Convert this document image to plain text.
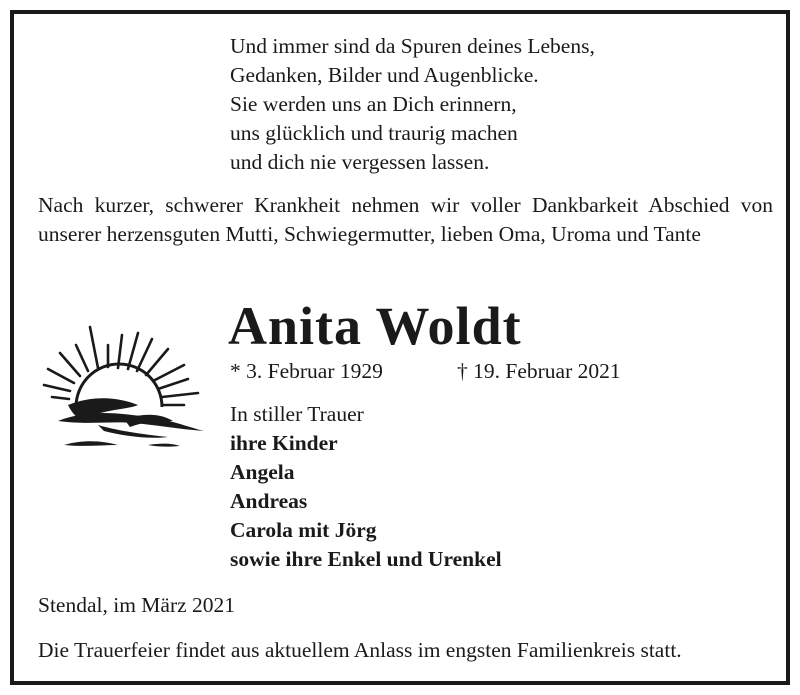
Und immer sind da Spuren deines Lebens,
Gedanken, Bilder und Augenblicke.
Sie werden uns an Dich erinnern,
uns glücklich und traurig machen
und dich nie vergessen lassen.
Nach kurzer, schwerer Krankheit nehmen wir voller Dankbarkeit Abschied von unserer herzensguten Mutti, Schwiegermutter, lieben Oma, Uroma und Tante
Anita Woldt
* 3. Februar 1929	† 19. Februar 2021
In stiller Trauer
ihre Kinder
Angela
Andreas
Carola mit Jörg
sowie ihre Enkel und Urenkel
Stendal, im März 2021
Die Trauerfeier findet aus aktuellem Anlass im engsten Familienkreis statt.
